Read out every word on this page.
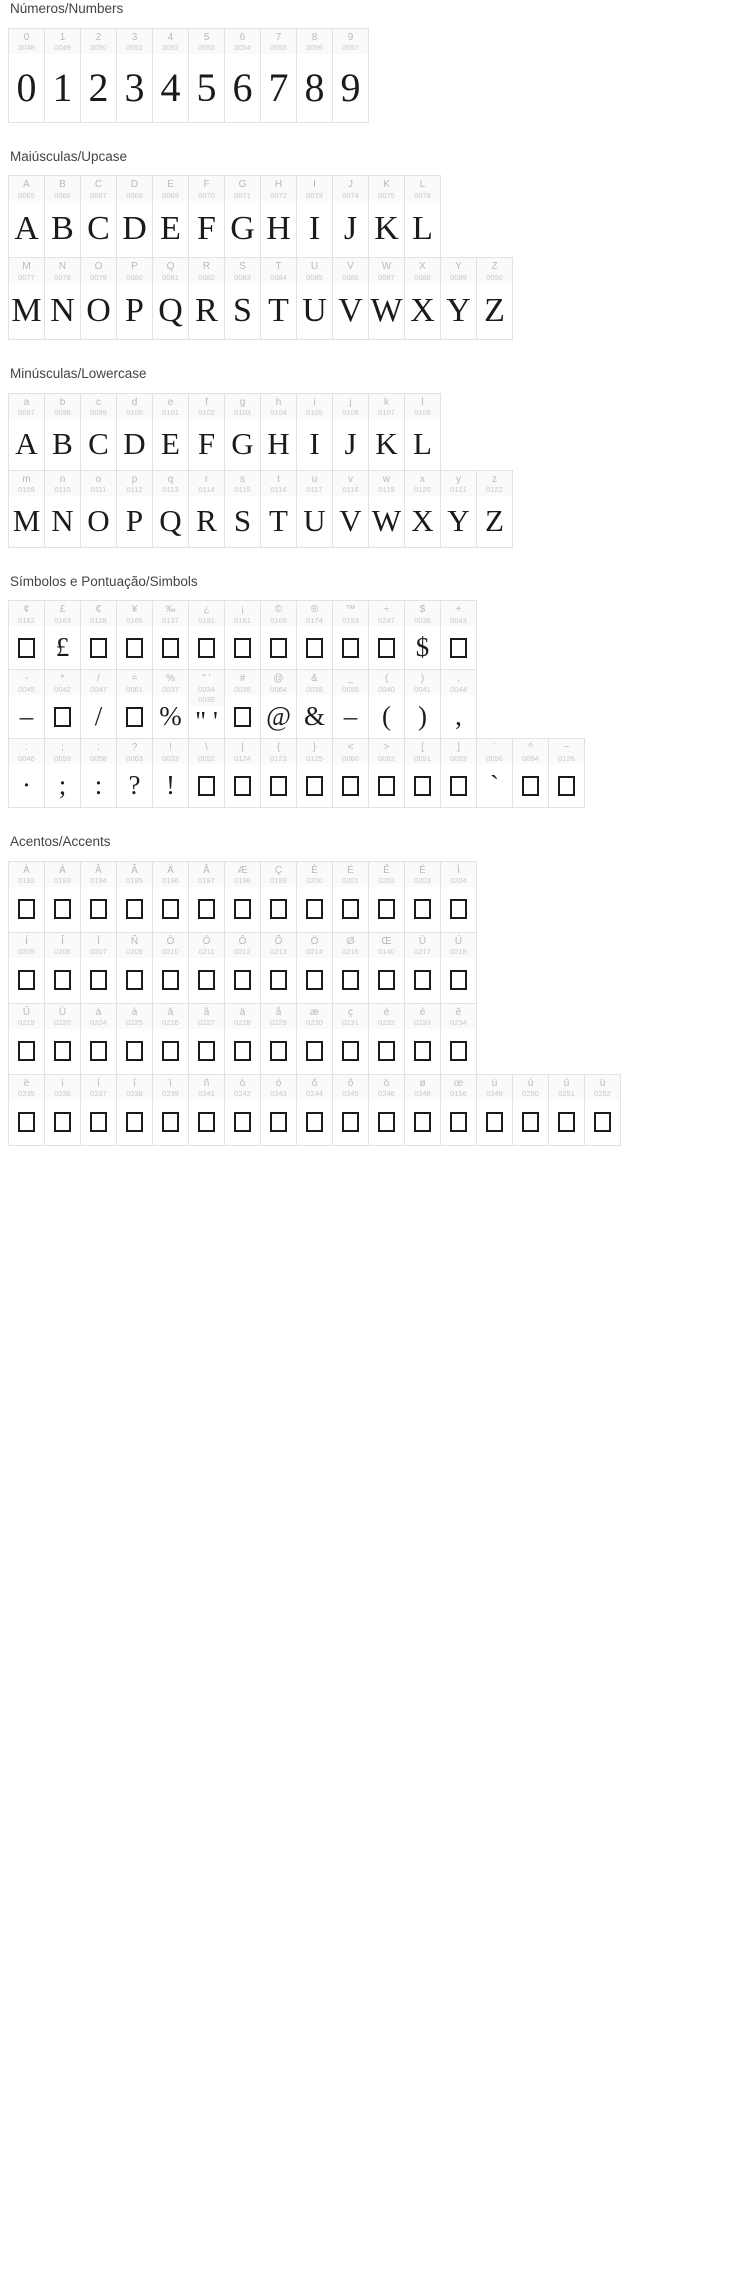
Números/Numbers
0
0048
0
1
0049
1
2
0050
2
3
0051
3
4
0052
4
5
0053
5
6
0054
6
7
0055
7
8
0056
8
9
0057
9
Maiúsculas/Upcase
A
0065
A
B
0066
B
C
0067
C
D
0068
D
E
0069
E
F
0070
F
G
0071
G
H
0072
H
I
0073
I
J
0074
J
K
0075
K
L
0076
L
M
0077
M
N
0078
N
O
0079
O
P
0080
P
Q
0081
Q
R
0082
R
S
0083
S
T
0084
T
U
0085
U
V
0086
V
W
0087
W
X
0088
X
Y
0089
Y
Z
0090
Z
Minúsculas/Lowercase
a
0097
A
b
0098
B
c
0099
C
d
0100
D
e
0101
E
f
0102
F
g
0103
G
h
0104
H
i
0105
I
j
0106
J
k
0107
K
l
0108
L
m
0109
M
n
0110
N
o
0111
O
p
0112
P
q
0113
Q
r
0114
R
s
0115
S
t
0116
T
u
0117
U
v
0118
V
w
0119
W
x
0120
X
y
0121
Y
z
0122
Z
Símbolos e Pontuação/Simbols
¢
0162
£
0163
£
€
0128
¥
0165
‰
0137
¿
0191
¡
0161
©
0169
®
0174
™
0153
÷
0247
$
0036
$
+
0043
-
0045
–
*
0042
/
0047
/
=
0061
%
0037
%
" '
0034 0039
" '
#
0035
@
0064
@
&
0038
&
_
0095
–
(
0040
(
)
0041
)
,
0044
,
.
0046
·
;
0059
;
:
0058
:
?
0063
?
!
0033
!
\
0092
|
0124
{
0123
}
0125
<
0060
>
0062
[
0091
]
0093
`
0096
`
^
0094
~
0126
Acentos/Accents
À
0192
Á
0193
Â
0194
Ã
0195
Ä
0196
Å
0197
Æ
0198
Ç
0199
È
0200
É
0201
Ê
0202
Ë
0203
Ì
0204
Í
0205
Î
0206
Ï
0207
Ñ
0209
Ò
0210
Ó
0211
Ô
0212
Õ
0213
Ö
0214
Ø
0216
Œ
0140
Ù
0217
Ú
0218
Û
0219
Ü
0220
à
0224
á
0225
â
0226
ã
0227
ä
0228
å
0229
æ
0230
ç
0231
è
0232
é
0233
ê
0234
ë
0235
ì
0236
í
0237
î
0238
ï
0239
ñ
0241
ò
0242
ó
0243
ô
0244
õ
0245
ö
0246
ø
0248
œ
0156
ù
0249
ú
0250
û
0251
ü
0252
